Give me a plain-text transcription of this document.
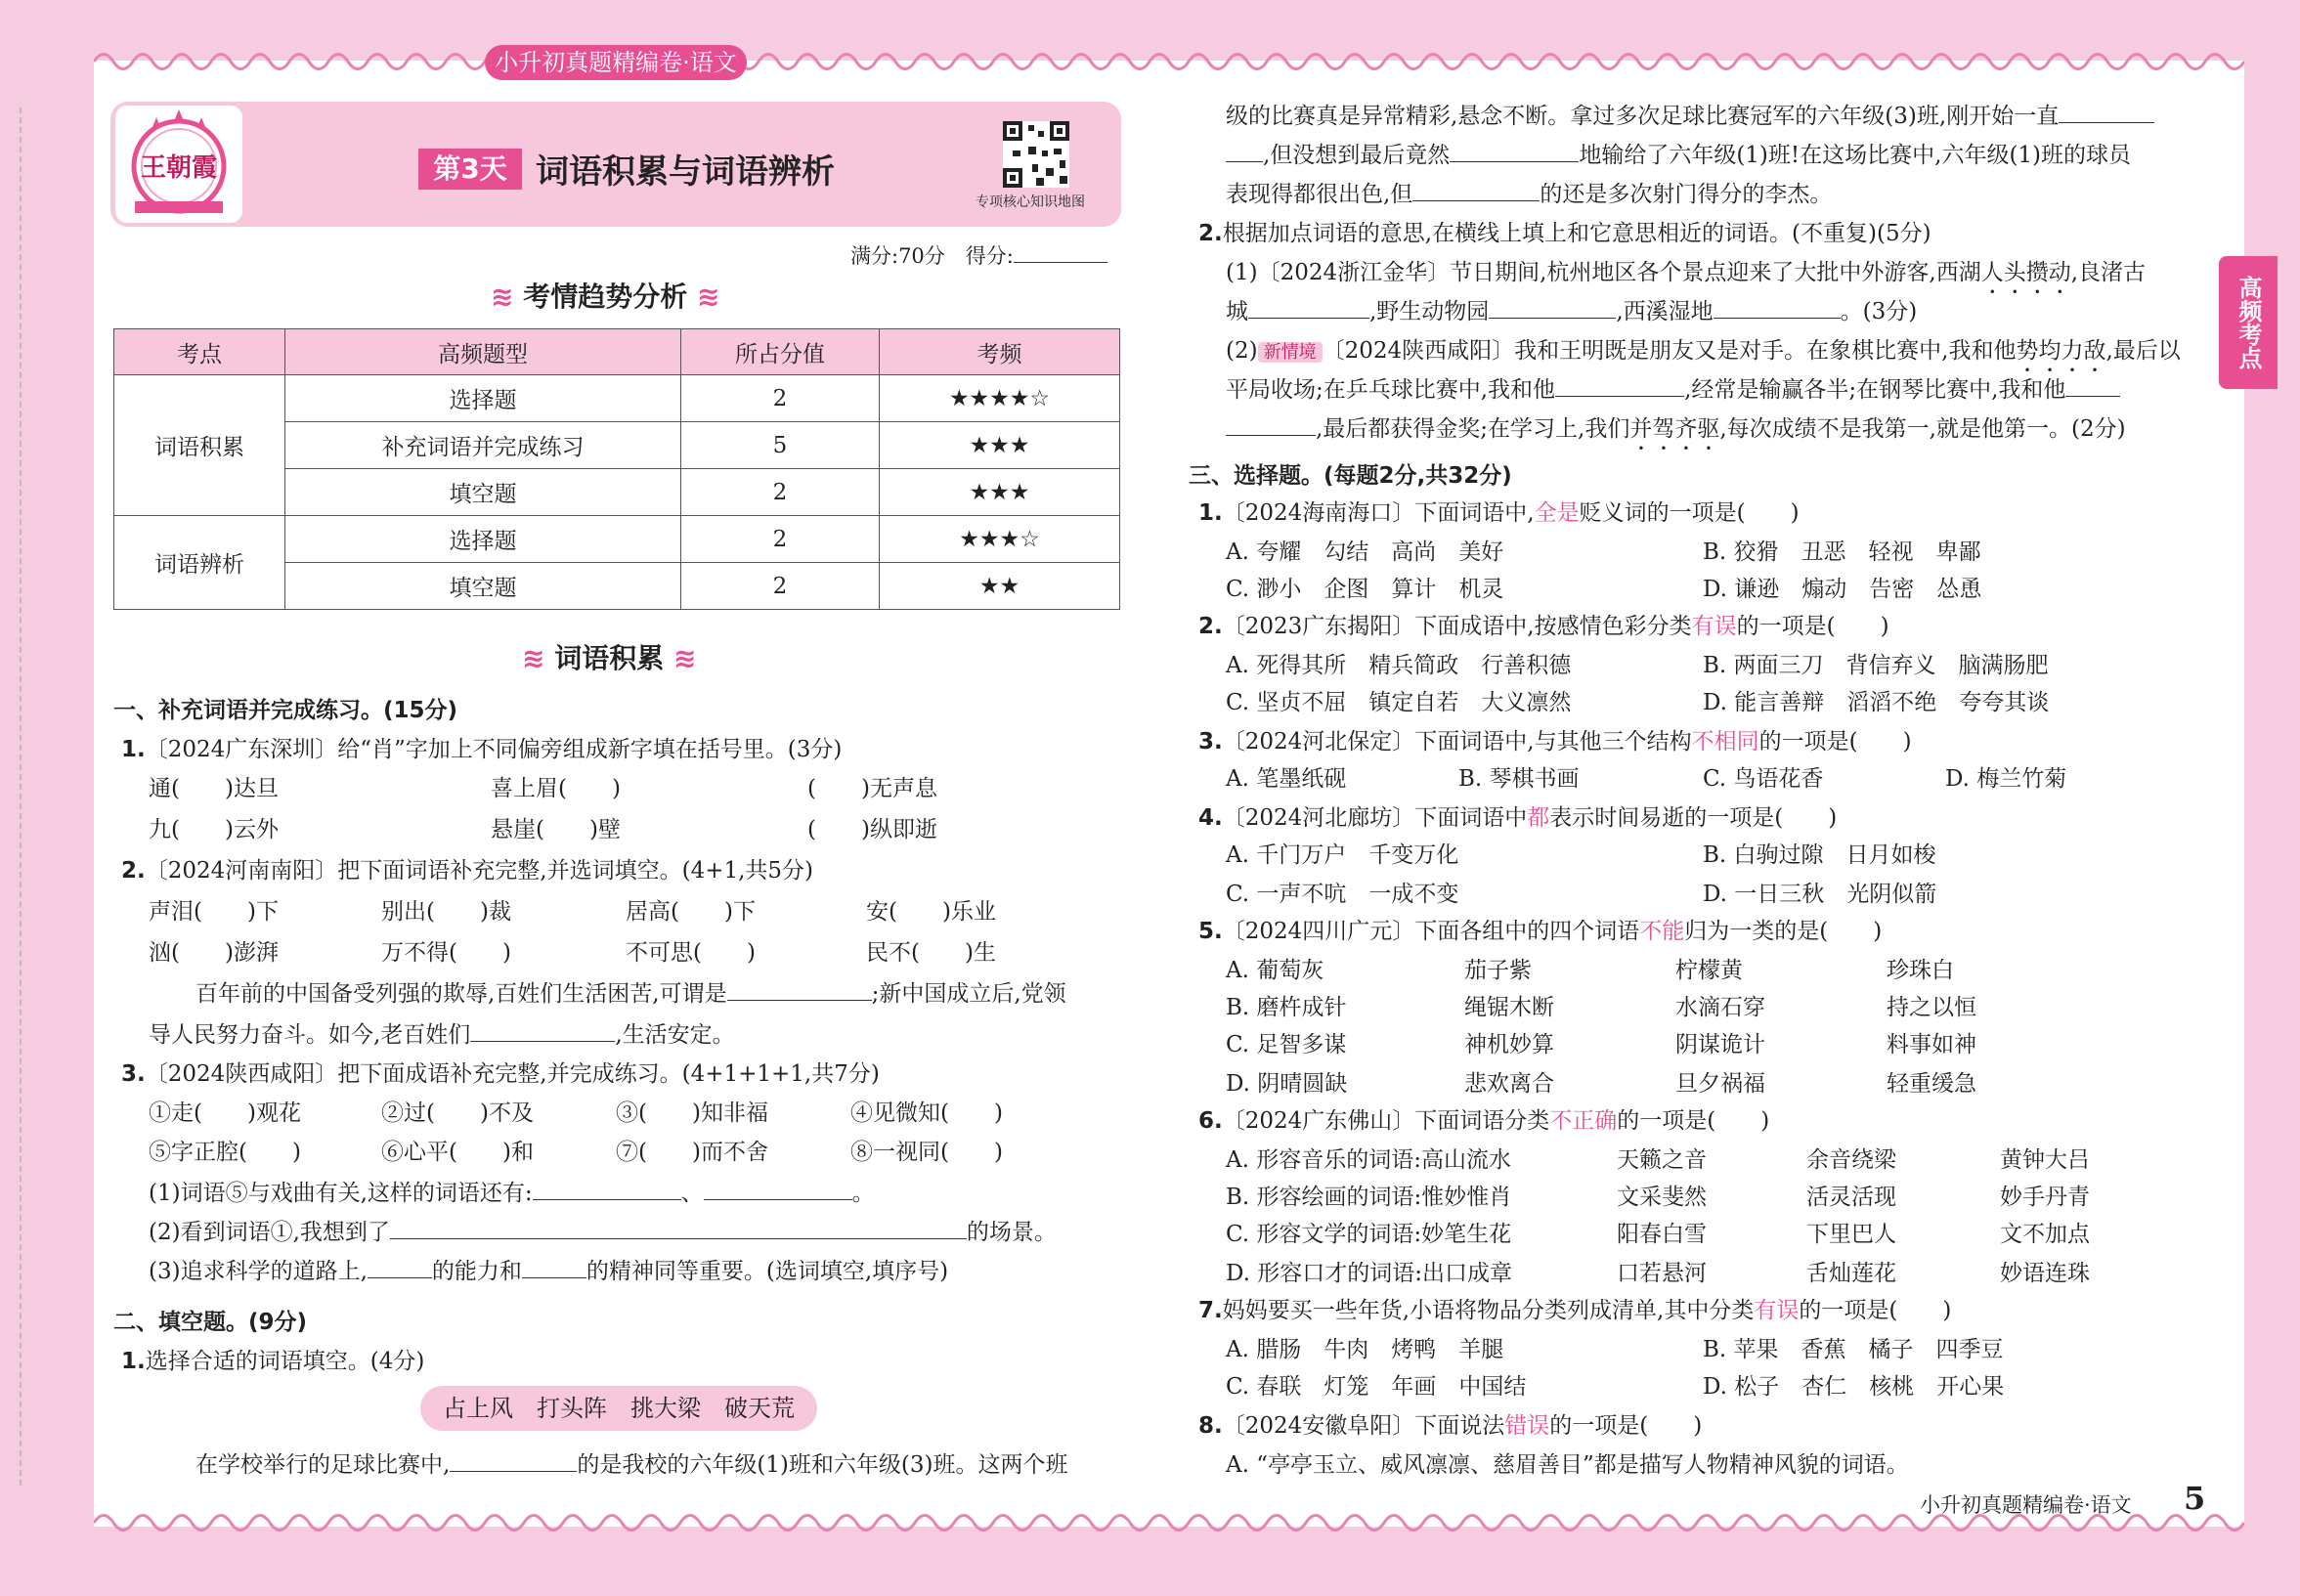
小升初真题精编卷·语文
王朝霞	第3天 词语积累与词语辨析
专项核心知识地图
满分:70分　得分:
≋ 考情趋势分析 ≋
考点	高频题型	所占分值	考频
词语积累	选择题	2	★★★★☆
	补充词语并完成练习	5	★★★
	填空题	2	★★★
词语辨析	选择题	2	★★★☆
	填空题	2	★★
≋ 词语积累 ≋
一、补充词语并完成练习。(15分)
1.〔2024广东深圳〕给“肖”字加上不同偏旁组成新字填在括号里。(3分)
通(　　)达旦	喜上眉(　　)	(　　)无声息
九(　　)云外	悬崖(　　)壁	(　　)纵即逝
2.〔2024河南南阳〕把下面词语补充完整,并选词填空。(4+1,共5分)
声泪(　　)下	别出(　　)裁	居高(　　)下	安(　　)乐业
汹(　　)澎湃	万不得(　　)	不可思(　　)	民不(　　)生
百年前的中国备受列强的欺辱,百姓们生活困苦,可谓是	;新中国成立后,党领
导人民努力奋斗。如今,老百姓们	,生活安定。
3.〔2024陕西咸阳〕把下面成语补充完整,并完成练习。(4+1+1+1,共7分)
①走(　　)观花	②过(　　)不及	③(　　)知非福	④见微知(　　)
⑤字正腔(　　)	⑥心平(　　)和	⑦(　　)而不舍	⑧一视同(　　)
(1)词语⑤与戏曲有关,这样的词语还有:	、	。
(2)看到词语①,我想到了	的场景。
(3)追求科学的道路上,	的能力和	的精神同等重要。(选词填空,填序号)
二、填空题。(9分)
1.选择合适的词语填空。(4分)
占上风　打头阵　挑大梁　破天荒
在学校举行的足球比赛中,	的是我校的六年级(1)班和六年级(3)班。这两个班
级的比赛真是异常精彩,悬念不断。拿过多次足球比赛冠军的六年级(3)班,刚开始一直
,但没想到最后竟然	地输给了六年级(1)班!在这场比赛中,六年级(1)班的球员
表现得都很出色,但	的还是多次射门得分的李杰。
2.根据加点词语的意思,在横线上填上和它意思相近的词语。(不重复)(5分)
(1)〔2024浙江金华〕节日期间,杭州地区各个景点迎来了大批中外游客,西湖人头攒动,良渚古
城	,野生动物园	,西溪湿地	。(3分)
(2) 新情境 〔2024陕西咸阳〕我和王明既是朋友又是对手。在象棋比赛中,我和他势均力敌,最后以
平局收场;在乒乓球比赛中,我和他	,经常是输赢各半;在钢琴比赛中,我和他
,最后都获得金奖;在学习上,我们并驾齐驱,每次成绩不是我第一,就是他第一。(2分)
三、选择题。(每题2分,共32分)
1.〔2024海南海口〕下面词语中,全是贬义词的一项是(　　)
A. 夸耀　勾结　高尚　美好	B. 狡猾　丑恶　轻视　卑鄙
C. 渺小　企图　算计　机灵	D. 谦逊　煽动　告密　怂恿
2.〔2023广东揭阳〕下面成语中,按感情色彩分类有误的一项是(　　)
A. 死得其所　精兵简政　行善积德	B. 两面三刀　背信弃义　脑满肠肥
C. 坚贞不屈　镇定自若　大义凛然	D. 能言善辩　滔滔不绝　夸夸其谈
3.〔2024河北保定〕下面词语中,与其他三个结构不相同的一项是(　　)
A. 笔墨纸砚	B. 琴棋书画	C. 鸟语花香	D. 梅兰竹菊
4.〔2024河北廊坊〕下面词语中都表示时间易逝的一项是(　　)
A. 千门万户　千变万化	B. 白驹过隙　日月如梭
C. 一声不吭　一成不变	D. 一日三秋　光阴似箭
5.〔2024四川广元〕下面各组中的四个词语不能归为一类的是(　　)
A. 葡萄灰	茄子紫	柠檬黄	珍珠白
B. 磨杵成针	绳锯木断	水滴石穿	持之以恒
C. 足智多谋	神机妙算	阴谋诡计	料事如神
D. 阴晴圆缺	悲欢离合	旦夕祸福	轻重缓急
6.〔2024广东佛山〕下面词语分类不正确的一项是(　　)
A. 形容音乐的词语:高山流水	天籁之音	余音绕梁	黄钟大吕
B. 形容绘画的词语:惟妙惟肖	文采斐然	活灵活现	妙手丹青
C. 形容文学的词语:妙笔生花	阳春白雪	下里巴人	文不加点
D. 形容口才的词语:出口成章	口若悬河	舌灿莲花	妙语连珠
7.妈妈要买一些年货,小语将物品分类列成清单,其中分类有误的一项是(　　)
A. 腊肠　牛肉　烤鸭　羊腿	B. 苹果　香蕉　橘子　四季豆
C. 春联　灯笼　年画　中国结	D. 松子　杏仁　核桃　开心果
8.〔2024安徽阜阳〕下面说法错误的一项是(　　)
A. “亭亭玉立、威风凛凛、慈眉善目”都是描写人物精神风貌的词语。
高频考点
小升初真题精编卷·语文 5
